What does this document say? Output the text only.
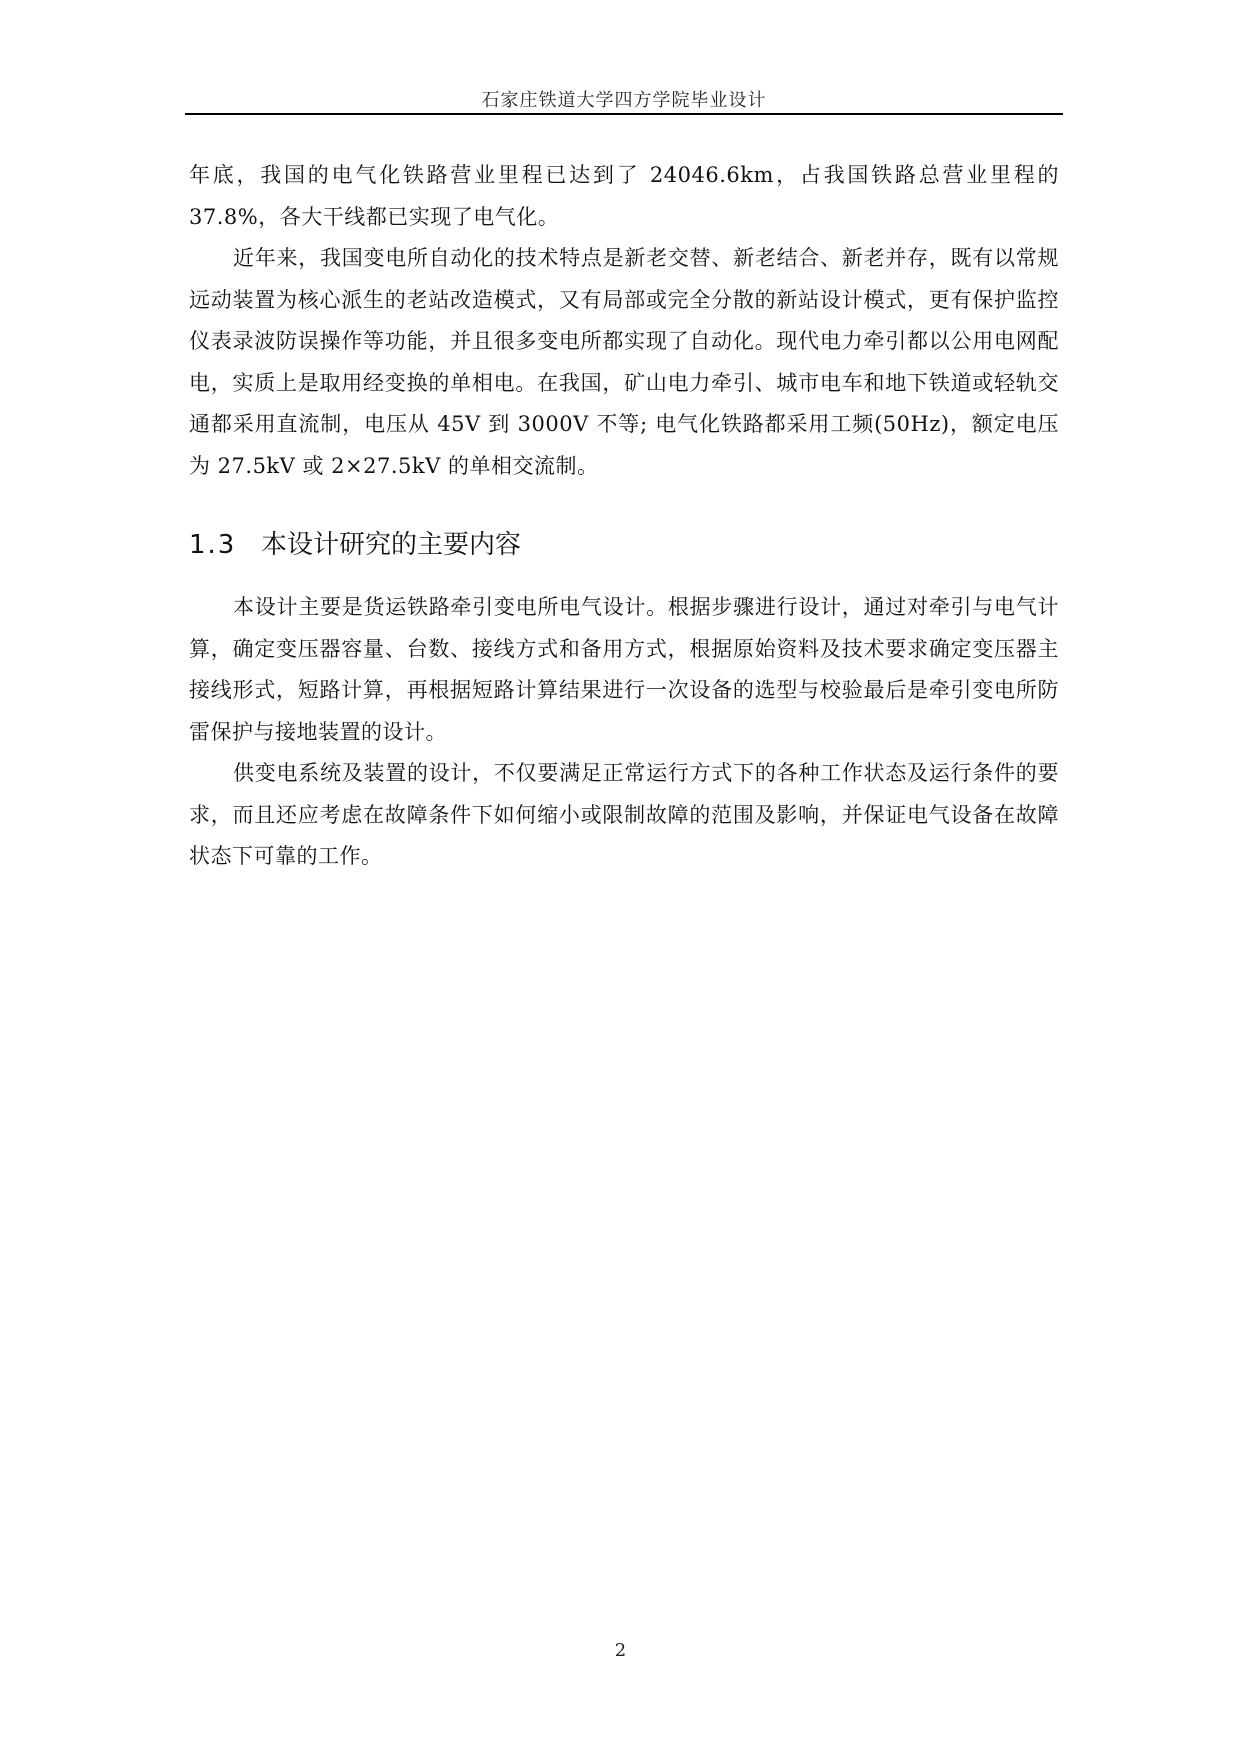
石家庄铁道大学四方学院毕业设计

年底，我国的电气化铁路营业里程已达到了 24046.6km，占我国铁路总营业里程的 37.8%，各大干线都已实现了电气化。

近年来，我国变电所自动化的技术特点是新老交替、新老结合、新老并存，既有以常规远动装置为核心派生的老站改造模式，又有局部或完全分散的新站设计模式，更有保护监控仪表录波防误操作等功能，并且很多变电所都实现了自动化。现代电力牵引都以公用电网配电，实质上是取用经变换的单相电。在我国，矿山电力牵引、城市电车和地下铁道或轻轨交通都采用直流制，电压从 45V 到 3000V 不等; 电气化铁路都采用工频(50Hz)，额定电压为 27.5kV 或 2×27.5kV 的单相交流制。

1.3 本设计研究的主要内容

本设计主要是货运铁路牵引变电所电气设计。根据步骤进行设计，通过对牵引与电气计算，确定变压器容量、台数、接线方式和备用方式，根据原始资料及技术要求确定变压器主接线形式，短路计算，再根据短路计算结果进行一次设备的选型与校验最后是牵引变电所防雷保护与接地装置的设计。

供变电系统及装置的设计，不仅要满足正常运行方式下的各种工作状态及运行条件的要求，而且还应考虑在故障条件下如何缩小或限制故障的范围及影响，并保证电气设备在故障状态下可靠的工作。

2
